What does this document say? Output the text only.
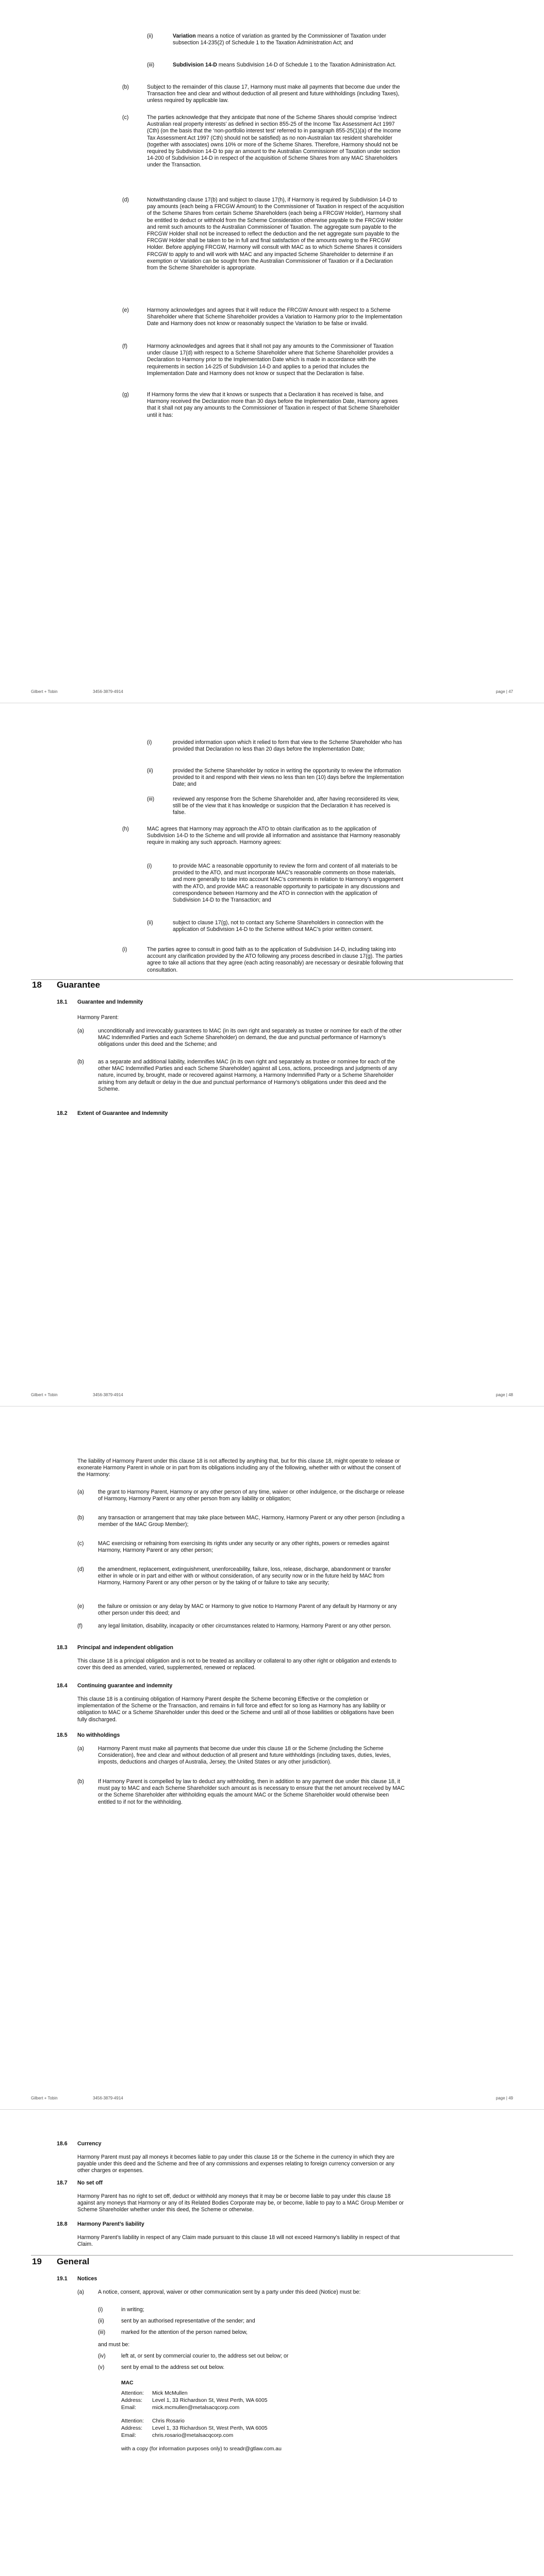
(ii)	Variation means a notice of variation as granted by the Commissioner of Taxation under subsection 14-235(2) of Schedule 1 to the Taxation Administration Act; and
(iii)	Subdivision 14-D means Subdivision 14-D of Schedule 1 to the Taxation Administration Act.
(b)	Subject to the remainder of this clause 17, Harmony must make all payments that become due under the Transaction free and clear and without deduction of all present and future withholdings (including Taxes), unless required by applicable law.
(c)	The parties acknowledge that they anticipate that none of the Scheme Shares should comprise ‘indirect Australian real property interests’ as defined in section 855-25 of the Income Tax Assessment Act 1997 (Cth) (on the basis that the ‘non-portfolio interest test’ referred to in paragraph 855-25(1)(a) of the Income Tax Assessment Act 1997 (Cth) should not be satisfied) as no non-Australian tax resident shareholder (together with associates) owns 10% or more of the Scheme Shares. Therefore, Harmony should not be required by Subdivision 14-D to pay an amount to the Australian Commissioner of Taxation under section 14-200 of Subdivision 14-D in respect of the acquisition of Scheme Shares from any MAC Shareholders under the Transaction.
(d)	Notwithstanding clause 17(b) and subject to clause 17(h), if Harmony is required by Subdivision 14-D to pay amounts (each being a FRCGW Amount) to the Commissioner of Taxation in respect of the acquisition of the Scheme Shares from certain Scheme Shareholders (each being a FRCGW Holder), Harmony shall be entitled to deduct or withhold from the Scheme Consideration otherwise payable to the FRCGW Holder and remit such amounts to the Australian Commissioner of Taxation. The aggregate sum payable to the FRCGW Holder shall not be increased to reflect the deduction and the net aggregate sum payable to the FRCGW Holder shall be taken to be in full and final satisfaction of the amounts owing to the FRCGW Holder. Before applying FRCGW, Harmony will consult with MAC as to which Scheme Shares it considers FRCGW to apply to and will work with MAC and any impacted Scheme Shareholder to determine if an exemption or Variation can be sought from the Australian Commissioner of Taxation or if a Declaration from the Scheme Shareholder is appropriate.
(e)	Harmony acknowledges and agrees that it will reduce the FRCGW Amount with respect to a Scheme Shareholder where that Scheme Shareholder provides a Variation to Harmony prior to the Implementation Date and Harmony does not know or reasonably suspect the Variation to be false or invalid.
(f)	Harmony acknowledges and agrees that it shall not pay any amounts to the Commissioner of Taxation under clause 17(d) with respect to a Scheme Shareholder where that Scheme Shareholder provides a Declaration to Harmony prior to the Implementation Date which is made in accordance with the requirements in section 14-225 of Subdivision 14-D and applies to a period that includes the Implementation Date and Harmony does not know or suspect that the Declaration is false.
(g)	If Harmony forms the view that it knows or suspects that a Declaration it has received is false, and Harmony received the Declaration more than 30 days before the Implementation Date, Harmony agrees that it shall not pay any amounts to the Commissioner of Taxation in respect of that Scheme Shareholder until it has:
Gilbert + Tobin	3456-3879-4914	page | 47
(i)	provided information upon which it relied to form that view to the Scheme Shareholder who has provided that Declaration no less than 20 days before the Implementation Date;
(ii)	provided the Scheme Shareholder by notice in writing the opportunity to review the information provided to it and respond with their views no less than ten (10) days before the Implementation Date; and
(iii)	reviewed any response from the Scheme Shareholder and, after having reconsidered its view, still be of the view that it has knowledge or suspicion that the Declaration it has received is false.
(h)	MAC agrees that Harmony may approach the ATO to obtain clarification as to the application of Subdivision 14-D to the Scheme and will provide all information and assistance that Harmony reasonably require in making any such approach. Harmony agrees:
(i)	to provide MAC a reasonable opportunity to review the form and content of all materials to be provided to the ATO, and must incorporate MAC’s reasonable comments on those materials, and more generally to take into account MAC’s comments in relation to Harmony’s engagement with the ATO, and provide MAC a reasonable opportunity to participate in any discussions and correspondence between Harmony and the ATO in connection with the application of Subdivision 14-D to the Transaction; and
(ii)	subject to clause 17(g), not to contact any Scheme Shareholders in connection with the application of Subdivision 14-D to the Scheme without MAC’s prior written consent.
(i)	The parties agree to consult in good faith as to the application of Subdivision 14-D, including taking into account any clarification provided by the ATO following any process described in clause 17(g). The parties agree to take all actions that they agree (each acting reasonably) are necessary or desirable following that consultation.
18 Guarantee
18.1 Guarantee and Indemnity
Harmony Parent:
(a)	unconditionally and irrevocably guarantees to MAC (in its own right and separately as trustee or nominee for each of the other MAC Indemnified Parties and each Scheme Shareholder) on demand, the due and punctual performance of Harmony’s obligations under this deed and the Scheme; and
(b)	as a separate and additional liability, indemnifies MAC (in its own right and separately as trustee or nominee for each of the other MAC Indemnified Parties and each Scheme Shareholder) against all Loss, actions, proceedings and judgments of any nature, incurred by, brought, made or recovered against Harmony, a Harmony Indemnified Party or a Scheme Shareholder arising from any default or delay in the due and punctual performance of Harmony’s obligations under this deed and the Scheme.
18.2 Extent of Guarantee and Indemnity
Gilbert + Tobin	3456-3879-4914	page | 48
The liability of Harmony Parent under this clause 18 is not affected by anything that, but for this clause 18, might operate to release or exonerate Harmony Parent in whole or in part from its obligations including any of the following, whether with or without the consent of the Harmony:
(a)	the grant to Harmony Parent, Harmony or any other person of any time, waiver or other indulgence, or the discharge or release of Harmony, Harmony Parent or any other person from any liability or obligation;
(b)	any transaction or arrangement that may take place between MAC, Harmony, Harmony Parent or any other person (including a member of the MAC Group Member);
(c)	MAC exercising or refraining from exercising its rights under any security or any other rights, powers or remedies against Harmony, Harmony Parent or any other person;
(d)	the amendment, replacement, extinguishment, unenforceability, failure, loss, release, discharge, abandonment or transfer either in whole or in part and either with or without consideration, of any security now or in the future held by MAC from Harmony, Harmony Parent or any other person or by the taking of or failure to take any security;
(e)	the failure or omission or any delay by MAC or Harmony to give notice to Harmony Parent of any default by Harmony or any other person under this deed; and
(f)	any legal limitation, disability, incapacity or other circumstances related to Harmony, Harmony Parent or any other person.
18.3 Principal and independent obligation
This clause 18 is a principal obligation and is not to be treated as ancillary or collateral to any other right or obligation and extends to cover this deed as amended, varied, supplemented, renewed or replaced.
18.4 Continuing guarantee and indemnity
This clause 18 is a continuing obligation of Harmony Parent despite the Scheme becoming Effective or the completion or implementation of the Scheme or the Transaction, and remains in full force and effect for so long as Harmony has any liability or obligation to MAC or a Scheme Shareholder under this deed or the Scheme and until all of those liabilities or obligations have been fully discharged.
18.5 No withholdings
(a)	Harmony Parent must make all payments that become due under this clause 18 or the Scheme (including the Scheme Consideration), free and clear and without deduction of all present and future withholdings (including taxes, duties, levies, imposts, deductions and charges of Australia, Jersey, the United States or any other jurisdiction).
(b)	If Harmony Parent is compelled by law to deduct any withholding, then in addition to any payment due under this clause 18, it must pay to MAC and each Scheme Shareholder such amount as is necessary to ensure that the net amount received by MAC or the Scheme Shareholder after withholding equals the amount MAC or the Scheme Shareholder would otherwise been entitled to if not for the withholding.
Gilbert + Tobin	3456-3879-4914	page | 49
18.6 Currency
Harmony Parent must pay all moneys it becomes liable to pay under this clause 18 or the Scheme in the currency in which they are payable under this deed and the Scheme and free of any commissions and expenses relating to foreign currency conversion or any other charges or expenses.
18.7 No set off
Harmony Parent has no right to set off, deduct or withhold any moneys that it may be or become liable to pay under this clause 18 against any moneys that Harmony or any of its Related Bodies Corporate may be, or become, liable to pay to a MAC Group Member or Scheme Shareholder whether under this deed, the Scheme or otherwise.
18.8 Harmony Parent’s liability
Harmony Parent’s liability in respect of any Claim made pursuant to this clause 18 will not exceed Harmony’s liability in respect of that Claim.
19 General
19.1 Notices
(a)	A notice, consent, approval, waiver or other communication sent by a party under this deed (Notice) must be:
(i)	in writing;
(ii)	sent by an authorised representative of the sender; and
(iii)	marked for the attention of the person named below,
and must be:
(iv)	left at, or sent by commercial courier to, the address set out below; or
(v)	sent by email to the address set out below.
MAC
Attention: Mick McMullen
Address: Level 1, 33 Richardson St, West Perth, WA 6005
Email:	mick.mcmullen@metalsacqcorp.com
Attention: Chris Rosario
Address: Level 1, 33 Richardson St, West Perth, WA 6005
Email:	chris.rosario@metalsacqcorp.com
with a copy (for information purposes only) to sreadr@gtlaw.com.au
